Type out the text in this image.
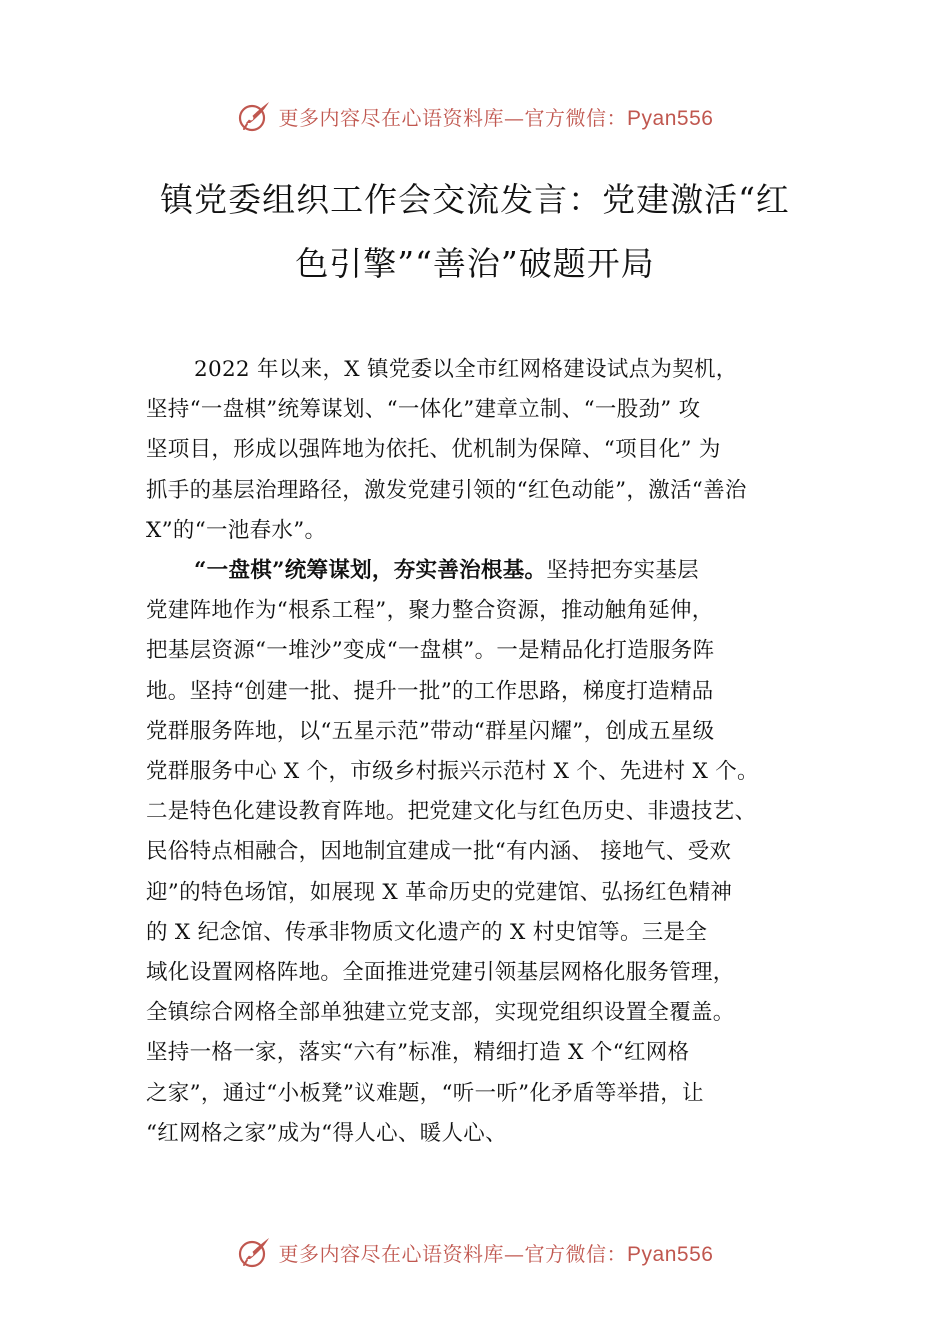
更多内容尽在心语资料库—官方微信：Pyan556
镇党委组织工作会交流发言：党建激活“红
色引擎”“善治”破题开局

2022 年以来，X 镇党委以全市红网格建设试点为契机，
坚持“一盘棋”统筹谋划、“一体化”建章立制、“一股劲” 攻
坚项目，形成以强阵地为依托、优机制为保障、“项目化” 为
抓手的基层治理路径，激发党建引领的“红色动能”，激活“善治
X”的“一池春水”。

“一盘棋”统筹谋划，夯实善治根基。坚持把夯实基层
党建阵地作为“根系工程”，聚力整合资源，推动触角延伸，
把基层资源“一堆沙”变成“一盘棋”。一是精品化打造服务阵
地。坚持“创建一批、提升一批”的工作思路，梯度打造精品
党群服务阵地，以“五星示范”带动“群星闪耀”，创成五星级
党群服务中心 X 个，市级乡村振兴示范村 X 个、先进村 X 个。
二是特色化建设教育阵地。把党建文化与红色历史、非遗技艺、
民俗特点相融合，因地制宜建成一批“有内涵、 接地气、受欢
迎”的特色场馆，如展现 X 革命历史的党建馆、弘扬红色精神
的 X 纪念馆、传承非物质文化遗产的 X 村史馆等。三是全
域化设置网格阵地。全面推进党建引领基层网格化服务管理，
全镇综合网格全部单独建立党支部，实现党组织设置全覆盖。
坚持一格一家，落实“六有”标准，精细打造 X 个“红网格
之家”，通过“小板凳”议难题，“听一听”化矛盾等举措，让
“红网格之家”成为“得人心、暖人心、

更多内容尽在心语资料库—官方微信：Pyan556
